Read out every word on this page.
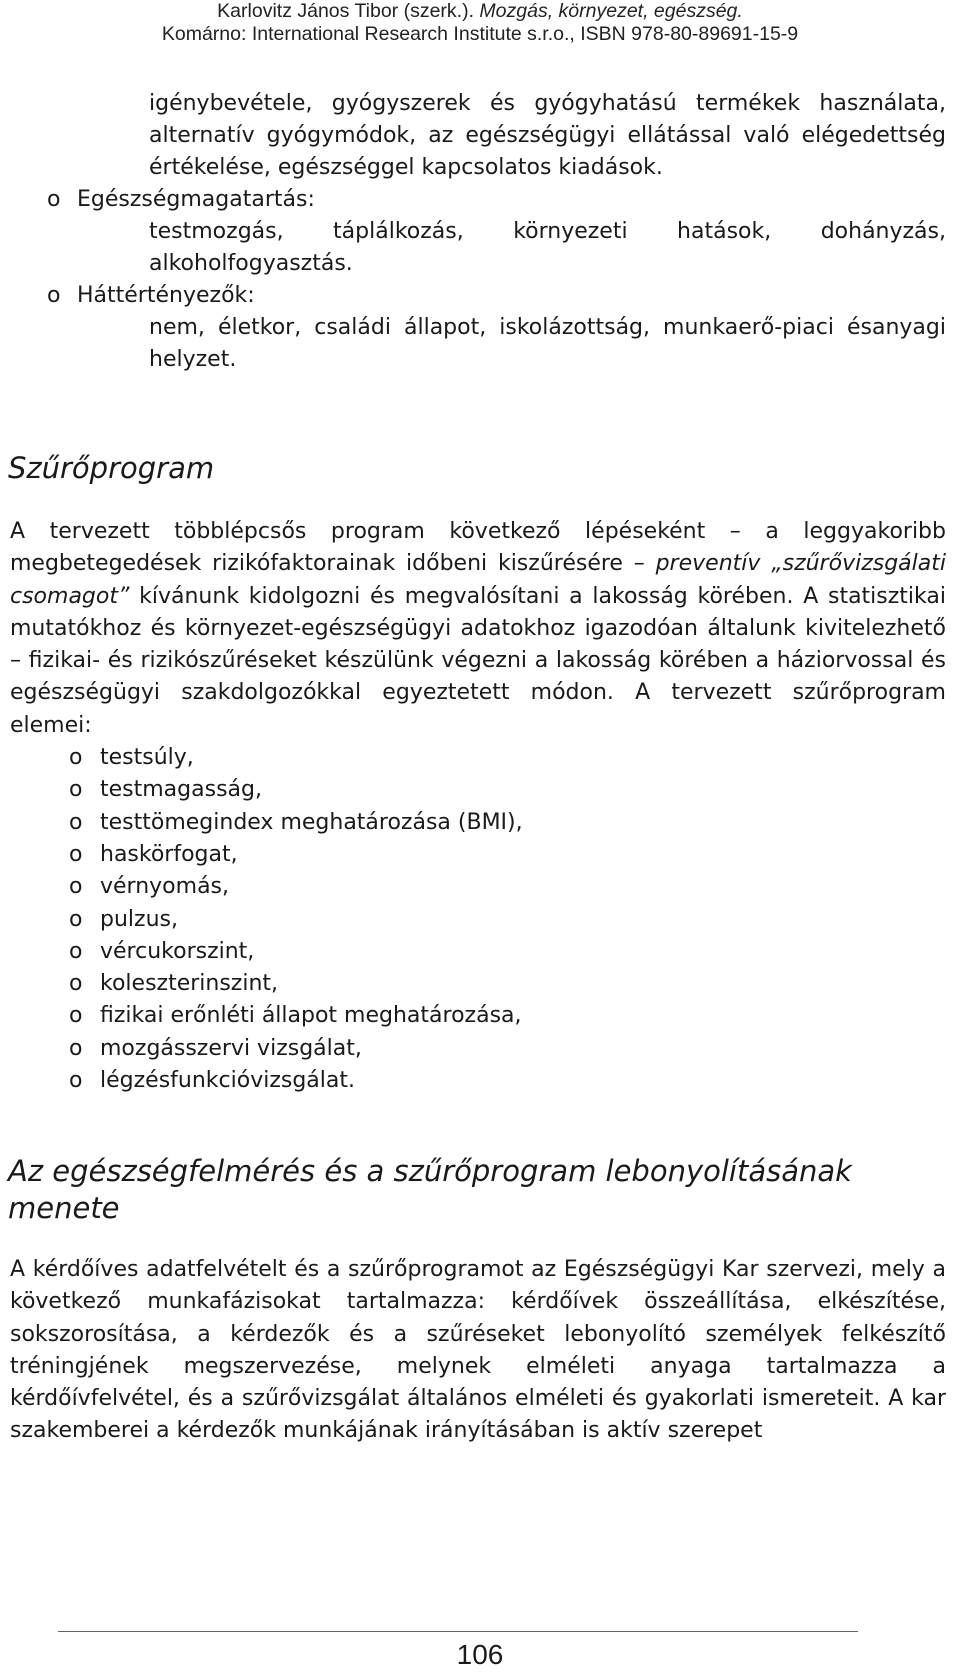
Karlovitz János Tibor (szerk.). Mozgás, környezet, egészség.
Komárno: International Research Institute s.r.o., ISBN 978-80-89691-15-9
igénybevétele, gyógyszerek és gyógyhatású termékek használata, alternatív gyógymódok, az egészségügyi ellátással való elégedettség értékelése, egészséggel kapcsolatos kiadások.
o Egészségmagatartás:
testmozgás, táplálkozás, környezeti hatások, dohányzás, alkoholfogyasztás.
o Háttértényezők:
nem, életkor, családi állapot, iskolázottság, munkaerő-piaci ésanyagi helyzet.
Szűrőprogram
A tervezett többlépcsős program következő lépéseként – a leggyakoribb megbetegedések rizikófaktorainak időbeni kiszűrésére – preventív „szűrővizsgálati csomagot” kívánunk kidolgozni és megvalósítani a lakosság körében. A statisztikai mutatókhoz és környezet-egészségügyi adatokhoz igazodóan általunk kivitelezhető – fizikai- és rizikószűréseket készülünk végezni a lakosság körében a háziorvossal és egészségügyi szakdolgozókkal egyeztetett módon. A tervezett szűrőprogram elemei:
o testsúly,
o testmagasság,
o testtömegindex meghatározása (BMI),
o haskörfogat,
o vérnyomás,
o pulzus,
o vércukorszint,
o koleszterinszint,
o fizikai erőnléti állapot meghatározása,
o mozgásszervi vizsgálat,
o légzésfunkcióvizsgálat.
Az egészségfelmérés és a szűrőprogram lebonyolításának menete
A kérdőíves adatfelvételt és a szűrőprogramot az Egészségügyi Kar szervezi, mely a következő munkafázisokat tartalmazza: kérdőívek összeállítása, elkészítése, sokszorosítása, a kérdezők és a szűréseket lebonyolító személyek felkészítő tréningjének megszervezése, melynek elméleti anyaga tartalmazza a kérdőívfelvétel, és a szűrővizsgálat általános elméleti és gyakorlati ismereteit. A kar szakemberei a kérdezők munkájának irányításában is aktív szerepet
106
